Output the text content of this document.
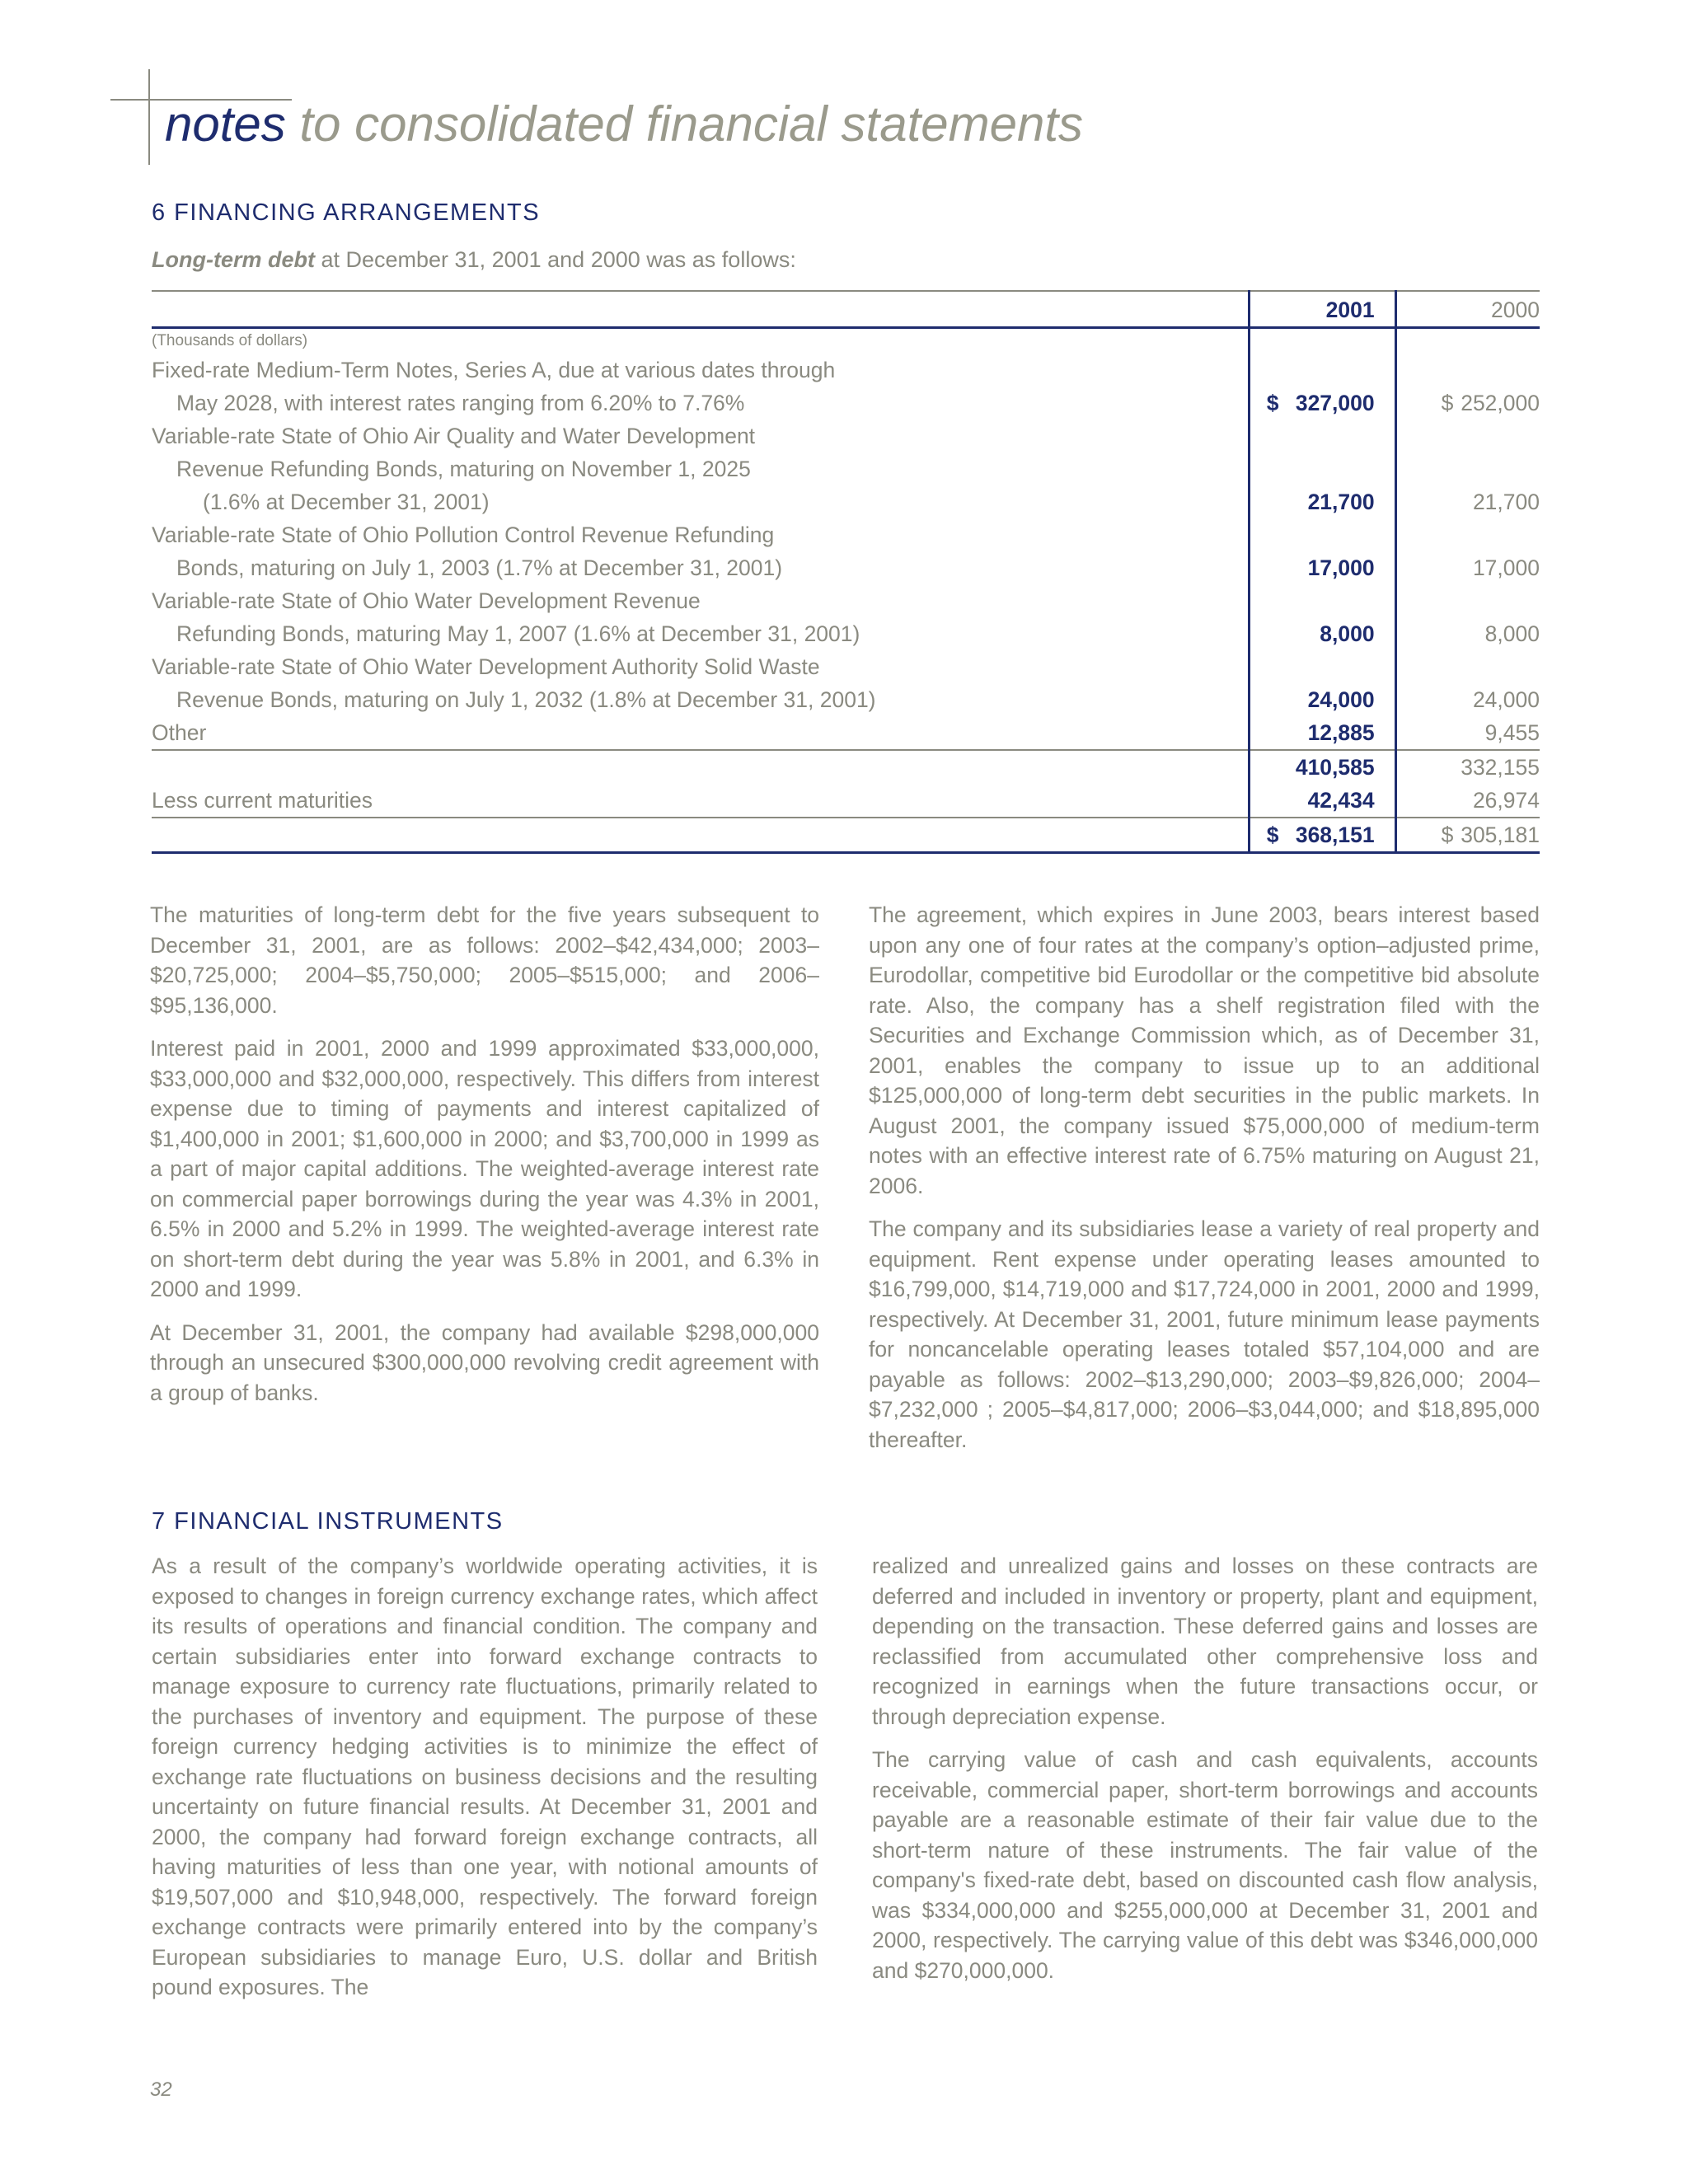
notes to consolidated financial statements
6 FINANCING ARRANGEMENTS
Long-term debt at December 31, 2001 and 2000 was as follows:
	2001	2000
(Thousands of dollars)		
Fixed-rate Medium-Term Notes, Series A, due at various dates through		
May 2028, with interest rates ranging from 6.20% to 7.76%	$ 327,000	$ 252,000
Variable-rate State of Ohio Air Quality and Water Development		
Revenue Refunding Bonds, maturing on November 1, 2025		
(1.6% at December 31, 2001)	21,700	21,700
Variable-rate State of Ohio Pollution Control Revenue Refunding		
Bonds, maturing on July 1, 2003 (1.7% at December 31, 2001)	17,000	17,000
Variable-rate State of Ohio Water Development Revenue		
Refunding Bonds, maturing May 1, 2007 (1.6% at December 31, 2001)	8,000	8,000
Variable-rate State of Ohio Water Development Authority Solid Waste		
Revenue Bonds, maturing on July 1, 2032 (1.8% at December 31, 2001)	24,000	24,000
Other	12,885	9,455
	410,585	332,155
Less current maturities	42,434	26,974

	$ 368,151	$ 305,181

The maturities of long-term debt for the five years subsequent to December 31, 2001, are as follows: 2002–$42,434,000; 2003–$20,725,000; 2004–$5,750,000; 2005–$515,000; and 2006–$95,136,000.

Interest paid in 2001, 2000 and 1999 approximated $33,000,000, $33,000,000 and $32,000,000, respectively. This differs from interest expense due to timing of payments and interest capitalized of $1,400,000 in 2001; $1,600,000 in 2000; and $3,700,000 in 1999 as a part of major capital additions. The weighted-average interest rate on commercial paper borrowings during the year was 4.3% in 2001, 6.5% in 2000 and 5.2% in 1999. The weighted-average interest rate on short-term debt during the year was 5.8% in 2001, and 6.3% in 2000 and 1999.

At December 31, 2001, the company had available $298,000,000 through an unsecured $300,000,000 revolving credit agreement with a group of banks.

The agreement, which expires in June 2003, bears interest based upon any one of four rates at the company’s option–adjusted prime, Eurodollar, competitive bid Eurodollar or the competitive bid absolute rate. Also, the company has a shelf registration filed with the Securities and Exchange Commission which, as of December 31, 2001, enables the company to issue up to an additional $125,000,000 of long-term debt securities in the public markets. In August 2001, the company issued $75,000,000 of medium-term notes with an effective interest rate of 6.75% maturing on August 21, 2006.

The company and its subsidiaries lease a variety of real property and equipment. Rent expense under operating leases amounted to $16,799,000, $14,719,000 and $17,724,000 in 2001, 2000 and 1999, respectively. At December 31, 2001, future minimum lease payments for noncancelable operating leases totaled $57,104,000 and are payable as follows: 2002–$13,290,000; 2003–$9,826,000; 2004–$7,232,000 ; 2005–$4,817,000; 2006–$3,044,000; and $18,895,000 thereafter.

7 FINANCIAL INSTRUMENTS

As a result of the company’s worldwide operating activities, it is exposed to changes in foreign currency exchange rates, which affect its results of operations and financial condition. The company and certain subsidiaries enter into forward exchange contracts to manage exposure to currency rate fluctuations, primarily related to the purchases of inventory and equipment. The purpose of these foreign currency hedging activities is to minimize the effect of exchange rate fluctuations on business decisions and the resulting uncertainty on future financial results. At December 31, 2001 and 2000, the company had forward foreign exchange contracts, all having maturities of less than one year, with notional amounts of $19,507,000 and $10,948,000, respectively. The forward foreign exchange contracts were primarily entered into by the company’s European subsidiaries to manage Euro, U.S. dollar and British pound exposures. The

realized and unrealized gains and losses on these contracts are deferred and included in inventory or property, plant and equipment, depending on the transaction. These deferred gains and losses are reclassified from accumulated other comprehensive loss and recognized in earnings when the future transactions occur, or through depreciation expense.

The carrying value of cash and cash equivalents, accounts receivable, commercial paper, short-term borrowings and accounts payable are a reasonable estimate of their fair value due to the short-term nature of these instruments. The fair value of the company's fixed-rate debt, based on discounted cash flow analysis, was $334,000,000 and $255,000,000 at December 31, 2001 and 2000, respectively. The carrying value of this debt was $346,000,000 and $270,000,000.

32
